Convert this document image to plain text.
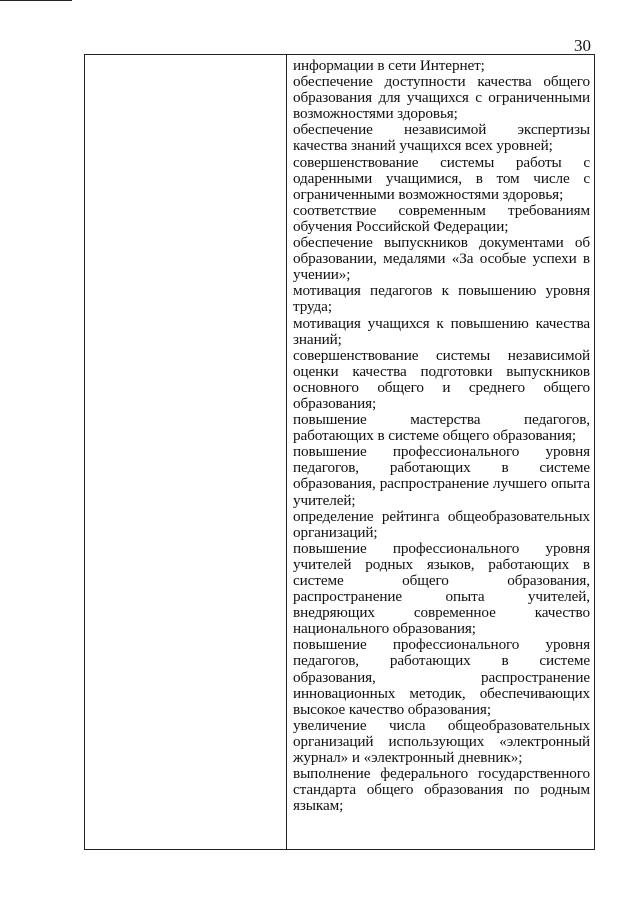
30

информации в сети Интернет;

обеспечение доступности качества общего образования для учащихся с ограниченными возможностями здоровья;

обеспечение независимой экспертизы качества знаний учащихся всех уровней;

совершенствование системы работы с одаренными учащимися, в том числе с ограниченными возможностями здоровья;

соответствие современным требованиям обучения Российской Федерации;

обеспечение выпускников документами об образовании, медалями «За особые успехи в учении»;

мотивация педагогов к повышению уровня труда;

мотивация учащихся к повышению качества знаний;

совершенствование системы независимой оценки качества подготовки выпускников основного общего и среднего общего образования;

повышение мастерства педагогов, работающих в системе общего образования;

повышение профессионального уровня педагогов, работающих в системе образования, распространение лучшего опыта учителей;

определение рейтинга общеобразовательных организаций;

повышение профессионального уровня учителей родных языков, работающих в системе общего образования, распространение опыта учителей, внедряющих современное качество национального образования;

повышение профессионального уровня педагогов, работающих в системе образования, распространение инновационных методик, обеспечивающих высокое качество образования;

увеличение числа общеобразовательных организаций использующих «электронный журнал» и «электронный дневник»;

выполнение федерального государственного стандарта общего образования по родным языкам;
